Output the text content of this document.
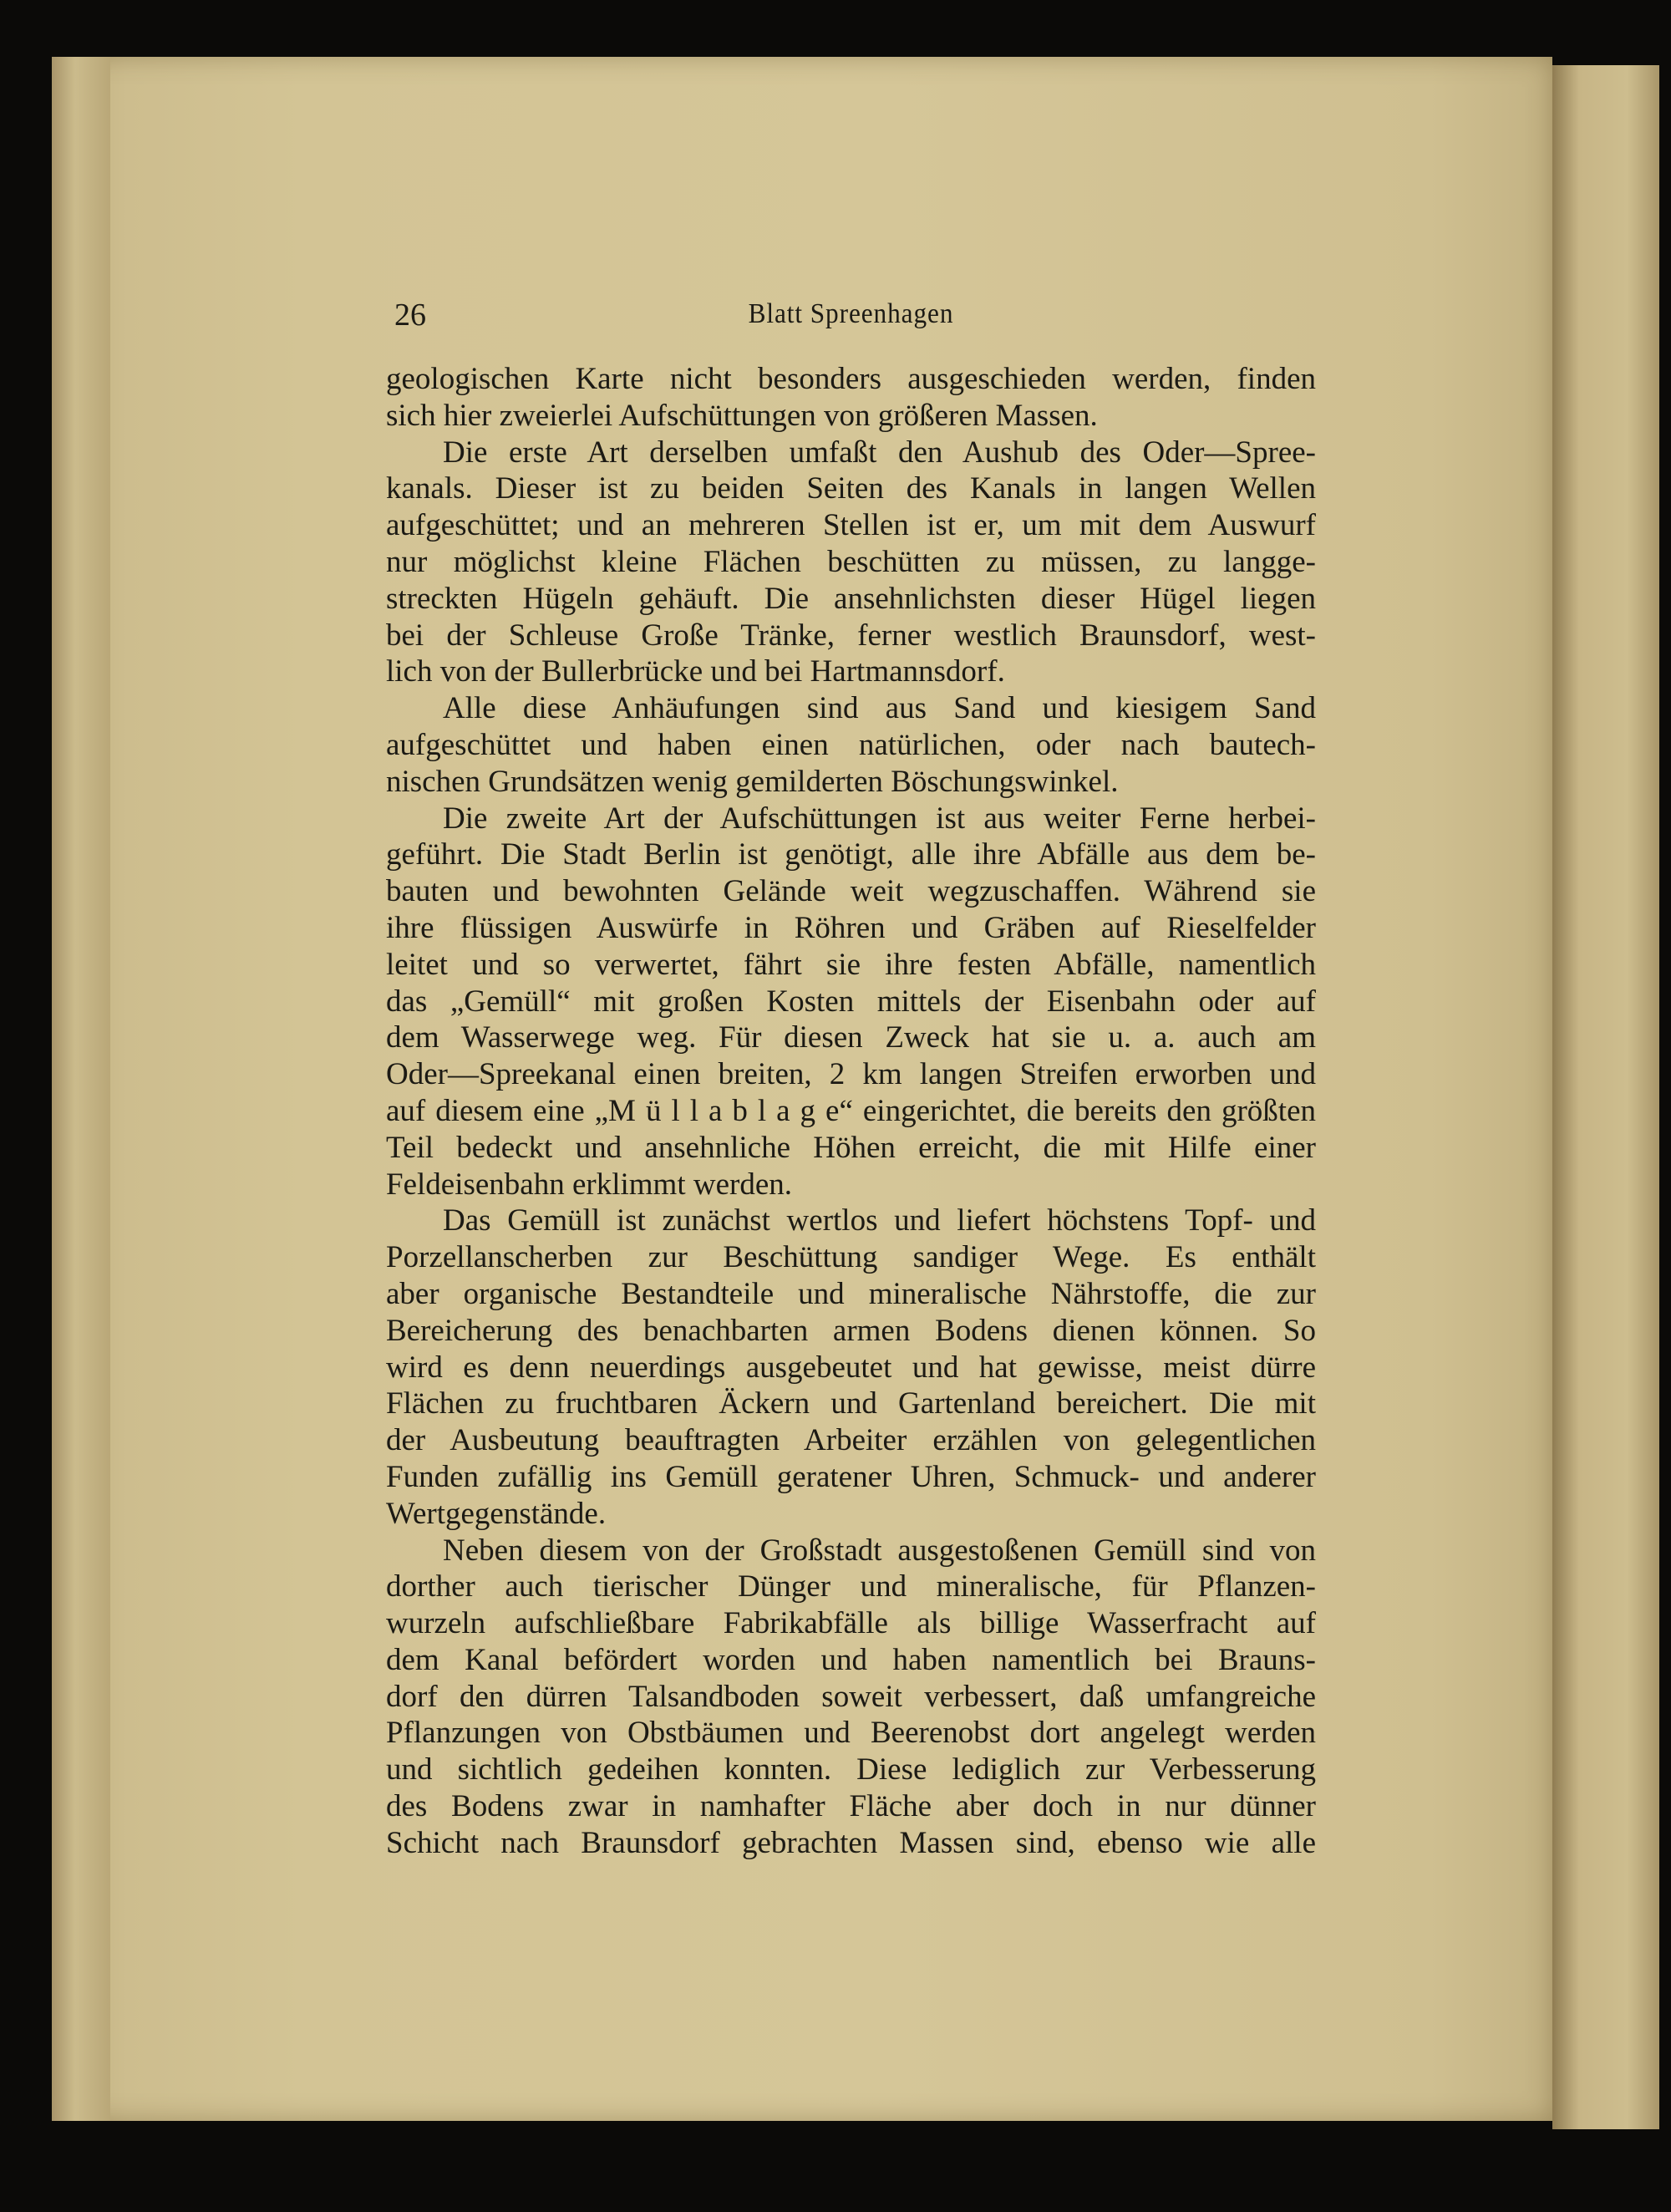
26	Blatt Spreenhagen
geologischen Karte nicht besonders ausgeschieden werden, finden
sich hier zweierlei Aufschüttungen von größeren Massen.
Die erste Art derselben umfaßt den Aushub des Oder—Spree-
kanals. Dieser ist zu beiden Seiten des Kanals in langen Wellen
aufgeschüttet; und an mehreren Stellen ist er, um mit dem Auswurf
nur möglichst kleine Flächen beschütten zu müssen, zu langge-
streckten Hügeln gehäuft. Die ansehnlichsten dieser Hügel liegen
bei der Schleuse Große Tränke, ferner westlich Braunsdorf, west-
lich von der Bullerbrücke und bei Hartmannsdorf.
Alle diese Anhäufungen sind aus Sand und kiesigem Sand
aufgeschüttet und haben einen natürlichen, oder nach bautech-
nischen Grundsätzen wenig gemilderten Böschungswinkel.
Die zweite Art der Aufschüttungen ist aus weiter Ferne herbei-
geführt. Die Stadt Berlin ist genötigt, alle ihre Abfälle aus dem be-
bauten und bewohnten Gelände weit wegzuschaffen. Während sie
ihre flüssigen Auswürfe in Röhren und Gräben auf Rieselfelder
leitet und so verwertet, fährt sie ihre festen Abfälle, namentlich
das „Gemüll“ mit großen Kosten mittels der Eisenbahn oder auf
dem Wasserwege weg. Für diesen Zweck hat sie u. a. auch am
Oder—Spreekanal einen breiten, 2 km langen Streifen erworben und
auf diesem eine „M ü l l a b l a g e“ eingerichtet, die bereits den größten
Teil bedeckt und ansehnliche Höhen erreicht, die mit Hilfe einer
Feldeisenbahn erklimmt werden.
Das Gemüll ist zunächst wertlos und liefert höchstens Topf- und
Porzellanscherben zur Beschüttung sandiger Wege. Es enthält
aber organische Bestandteile und mineralische Nährstoffe, die zur
Bereicherung des benachbarten armen Bodens dienen können. So
wird es denn neuerdings ausgebeutet und hat gewisse, meist dürre
Flächen zu fruchtbaren Äckern und Gartenland bereichert. Die mit
der Ausbeutung beauftragten Arbeiter erzählen von gelegentlichen
Funden zufällig ins Gemüll geratener Uhren, Schmuck- und anderer
Wertgegenstände.
Neben diesem von der Großstadt ausgestoßenen Gemüll sind von
dorther auch tierischer Dünger und mineralische, für Pflanzen-
wurzeln aufschließbare Fabrikabfälle als billige Wasserfracht auf
dem Kanal befördert worden und haben namentlich bei Brauns-
dorf den dürren Talsandboden soweit verbessert, daß umfangreiche
Pflanzungen von Obstbäumen und Beerenobst dort angelegt werden
und sichtlich gedeihen konnten. Diese lediglich zur Verbesserung
des Bodens zwar in namhafter Fläche aber doch in nur dünner
Schicht nach Braunsdorf gebrachten Massen sind, ebenso wie alle
